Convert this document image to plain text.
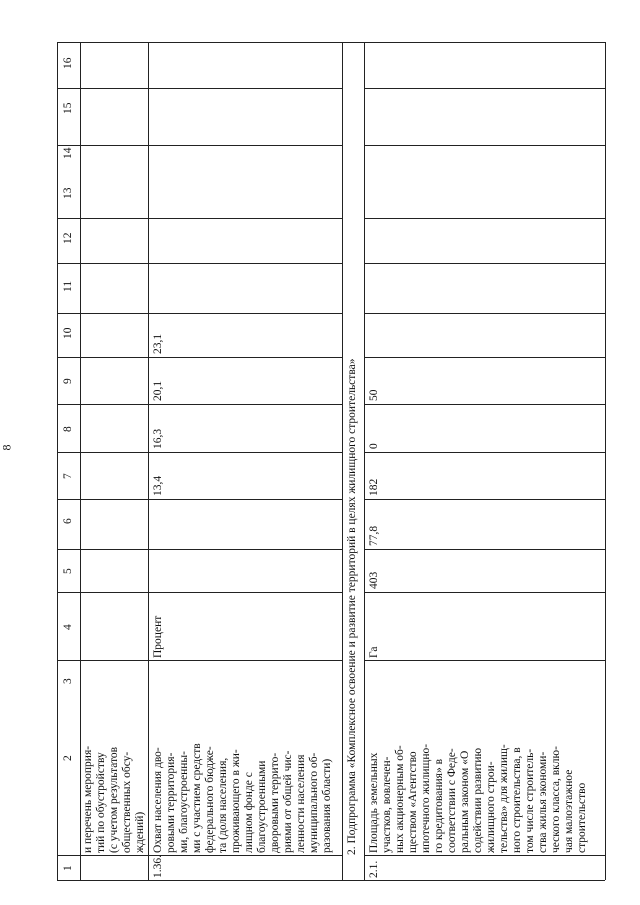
8
1
2
3
4
5
6
7
8
9
10
11
12
13
14
15
16
и перечень мероприя-
тий по обустройству
(с учетом результатов
общественных обсу-
ждений)
1.36.
Охват населения дво-
ровыми территория-
ми, благоустроенны-
ми с участием средств
федерального бюдже-
та (доля населения,
проживающего в жи-
лищном фонде с
благоустроенными
дворовыми террито-
риями от общей чис-
ленности населения
муниципального об-
разования области)
Процент
13,4
16,3
20,1
23,1
2.1.
Площадь земельных
участков, вовлечен-
ных акционерным об-
ществом «Агентство
ипотечного жилищно-
го кредитования» в
соответствии с Феде-
ральным законом «О
содействии развитию
жилищного строи-
тельства» для жилищ-
ного строительства, в
том числе строитель-
ства жилья экономи-
ческого класса, вклю-
чая малоэтажное
строительство
Га
403
77,8
182
0
50
2. Подпрограмма «Комплексное освоение и развитие территорий в целях жилищного строительства»
